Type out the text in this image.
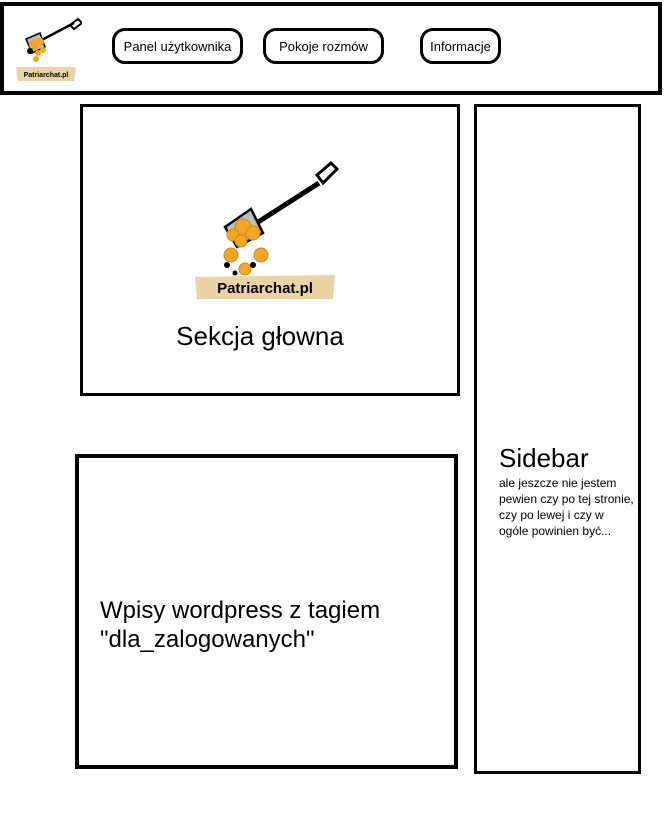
Patriarchat.pl
Panel użytkownika	Pokoje rozmów	Informacje
Patriarchat.pl
Sekcja głowna
Wpisy wordpress z tagiem
"dla_zalogowanych"
Sidebar
ale jeszcze nie jestem pewien czy po tej stronie, czy po lewej i czy w ogóle powinien być...
